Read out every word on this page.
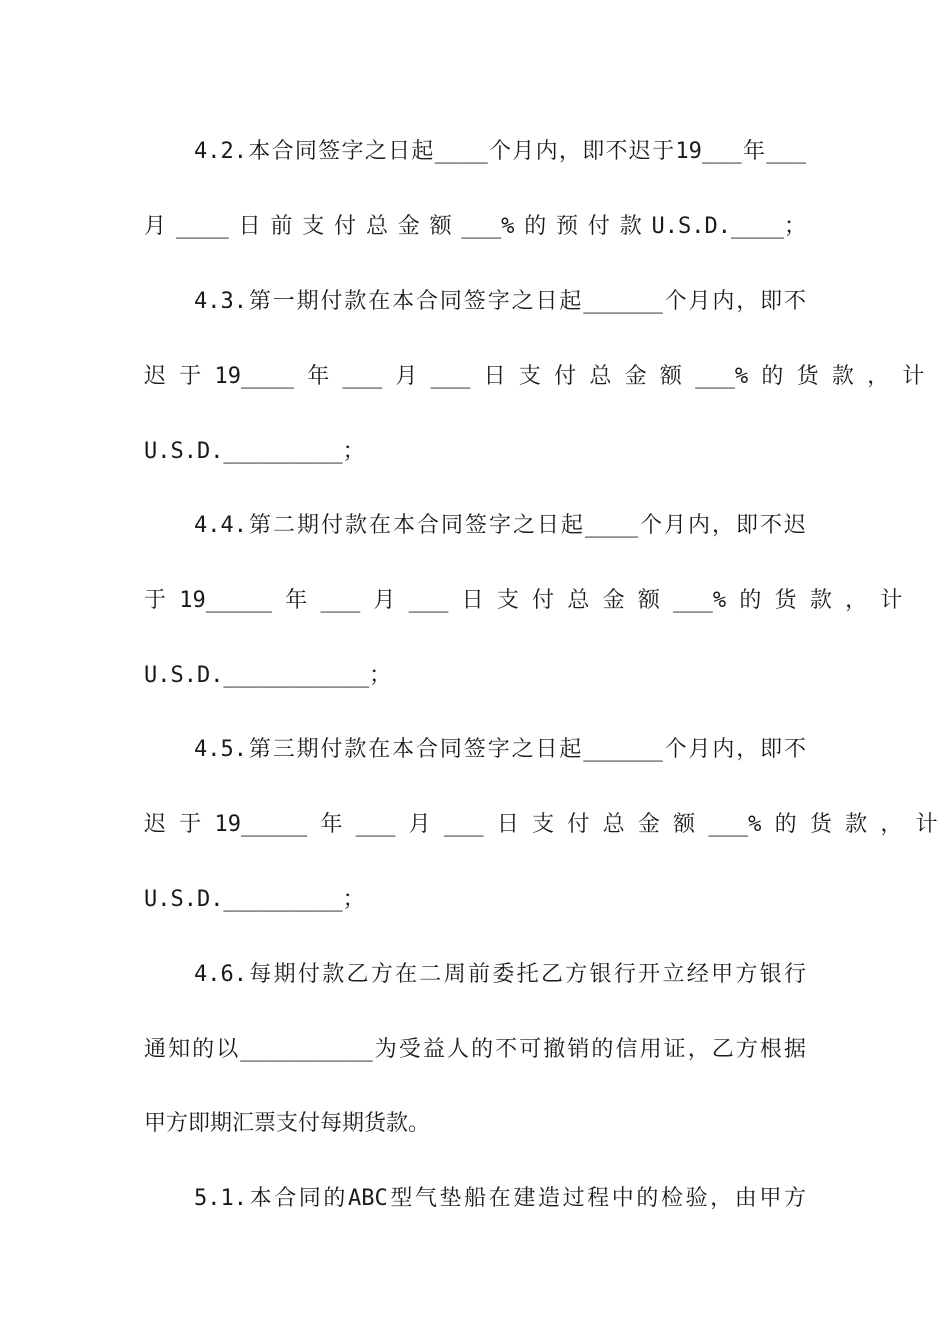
4.2.本合同签字之日起____个月内，即不迟于19___年___
月____日前支付总金额___%的预付款U.S.D.____；
4.3.第一期付款在本合同签字之日起______个月内，即不
迟 于 19____ 年 ___ 月 ___ 日 支 付 总 金 额 ___% 的 货 款 ， 计
U.S.D._________；
4.4.第二期付款在本合同签字之日起____个月内，即不迟
于 19_____ 年 ___ 月 ___ 日 支 付 总 金 额 ___% 的 货 款 ， 计
U.S.D.___________；
4.5.第三期付款在本合同签字之日起______个月内，即不
迟 于 19_____ 年 ___ 月 ___ 日 支 付 总 金 额 ___% 的 货 款 ， 计
U.S.D._________；
4.6.每期付款乙方在二周前委托乙方银行开立经甲方银行
通知的以__________为受益人的不可撤销的信用证，乙方根据
甲方即期汇票支付每期货款。
5.1.本合同的ABC型气垫船在建造过程中的检验，由甲方
